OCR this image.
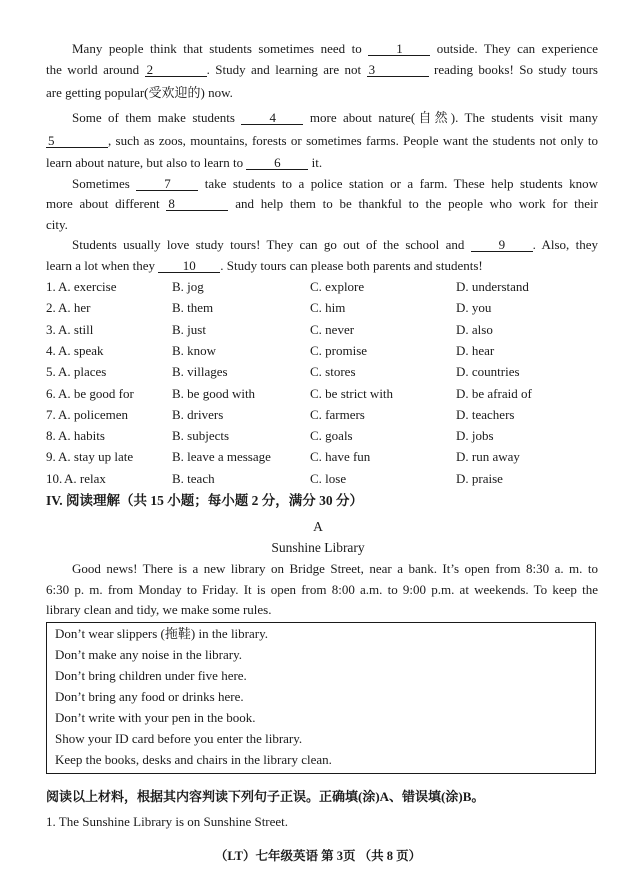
Many people think that students sometimes need to 1 outside. They can experience
the world around 2	. Study and learning are not 3	reading books! So study tours
are getting popular(受欢迎的) now.
Some of them make students 4 more about nature(自然). The students visit many
5	, such as zoos, mountains, forests or sometimes farms. People want the students not only to
learn about nature, but also to learn to 6 it.
Sometimes 7 take students to a police station or a farm. These help students know
more about different 8	and help them to be thankful to the people who work for their
city.
Students usually love study tours! They can go out of the school and 9 . Also, they
learn a lot when they 10 . Study tours can please both parents and students!
1. A. exercise	B. jog	C. explore	D. understand
2. A. her	B. them	C. him	D. you
3. A. still	B. just	C. never	D. also
4. A. speak	B. know	C. promise	D. hear
5. A. places	B. villages	C. stores	D. countries
6. A. be good for	B. be good with	C. be strict with	D. be afraid of
7. A. policemen	B. drivers	C. farmers	D. teachers
8. A. habits	B. subjects	C. goals	D. jobs
9. A. stay up late	B. leave a message	C. have fun	D. run away
10. A. relax	B. teach	C. lose	D. praise
IV. 阅读理解（共 15 小题；每小题 2 分，满分 30 分）
A
Sunshine Library
Good news! There is a new library on Bridge Street, near a bank. It’s open from 8:30 a. m. to
6:30 p. m. from Monday to Friday. It is open from 8:00 a.m. to 9:00 p.m. at weekends. To keep the
library clean and tidy, we make some rules.
Don’t wear slippers (拖鞋) in the library.
Don’t make any noise in the library.
Don’t bring children under five here.
Don’t bring any food or drinks here.
Don’t write with your pen in the book.
Show your ID card before you enter the library.
Keep the books, desks and chairs in the library clean.
阅读以上材料，根据其内容判读下列句子正误。正确填(涂)A、错误填(涂)B。
1. The Sunshine Library is on Sunshine Street.
（LT）七年级英语 第 3页 （共 8 页）
